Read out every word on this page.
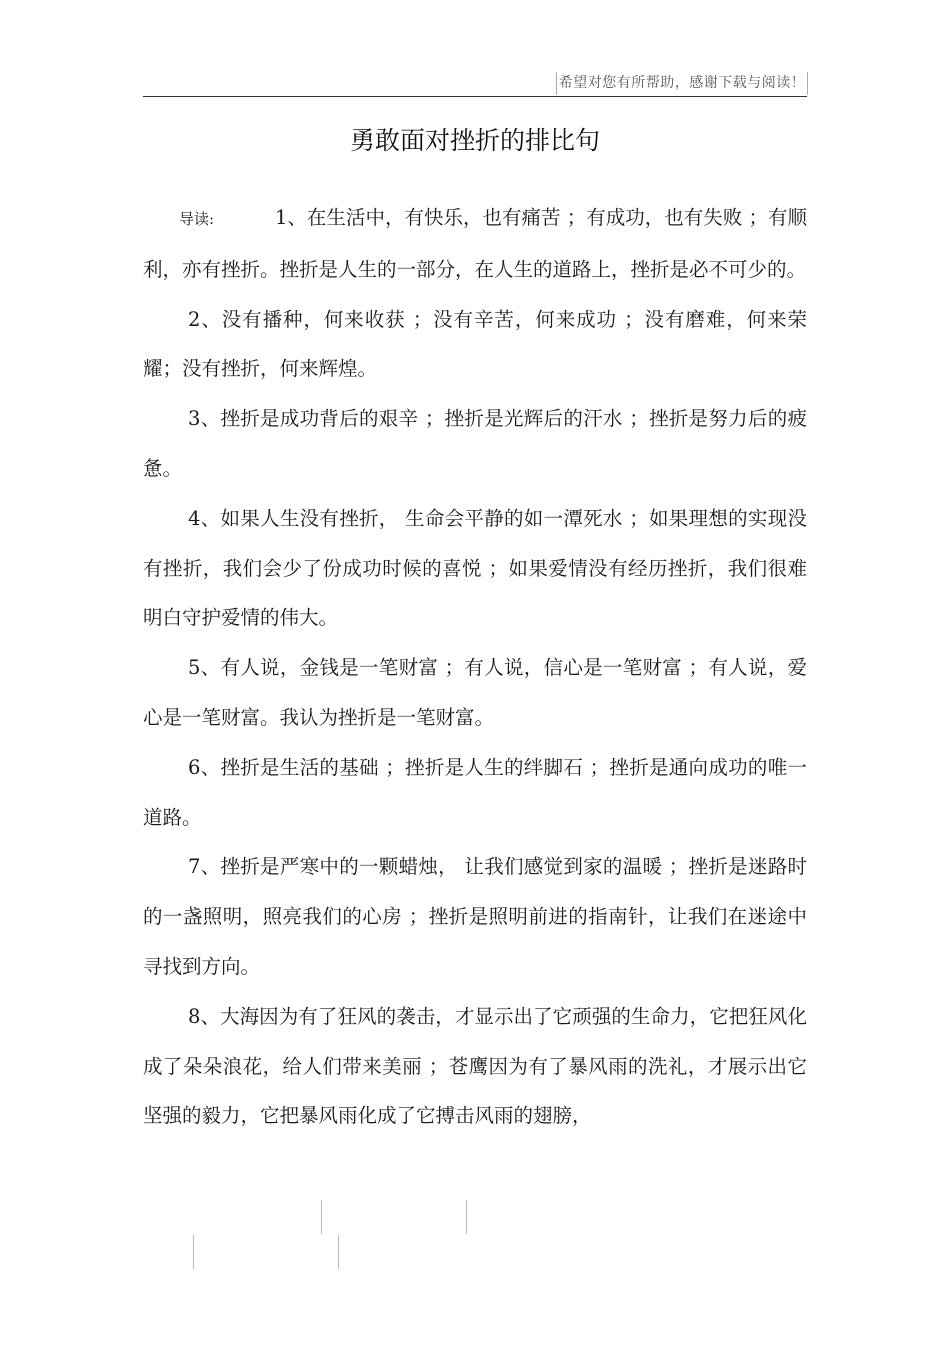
希望对您有所帮助，感谢下载与阅读！
勇敢面对挫折的排比句

导读:	1、在生活中，有快乐，也有痛苦 ；有成功，也有失败 ；有顺利，亦有挫折。挫折是人生的一部分，在人生的道路上，挫折是必不可少的。

2、没有播种，何来收获 ；没有辛苦，何来成功 ；没有磨难，何来荣耀；没有挫折，何来辉煌。

3、挫折是成功背后的艰辛 ；挫折是光辉后的汗水 ；挫折是努力后的疲惫。

4、如果人生没有挫折， 生命会平静的如一潭死水 ；如果理想的实现没有挫折，我们会少了份成功时候的喜悦 ；如果爱情没有经历挫折，我们很难明白守护爱情的伟大。

5、有人说，金钱是一笔财富 ；有人说，信心是一笔财富 ；有人说，爱心是一笔财富。我认为挫折是一笔财富。

6、挫折是生活的基础 ；挫折是人生的绊脚石 ；挫折是通向成功的唯一道路。

7、挫折是严寒中的一颗蜡烛， 让我们感觉到家的温暖 ；挫折是迷路时的一盏照明，照亮我们的心房 ；挫折是照明前进的指南针，让我们在迷途中寻找到方向。

8、大海因为有了狂风的袭击，才显示出了它顽强的生命力，它把狂风化成了朵朵浪花，给人们带来美丽 ；苍鹰因为有了暴风雨的洗礼，才展示出它坚强的毅力，它把暴风雨化成了它搏击风雨的翅膀，
